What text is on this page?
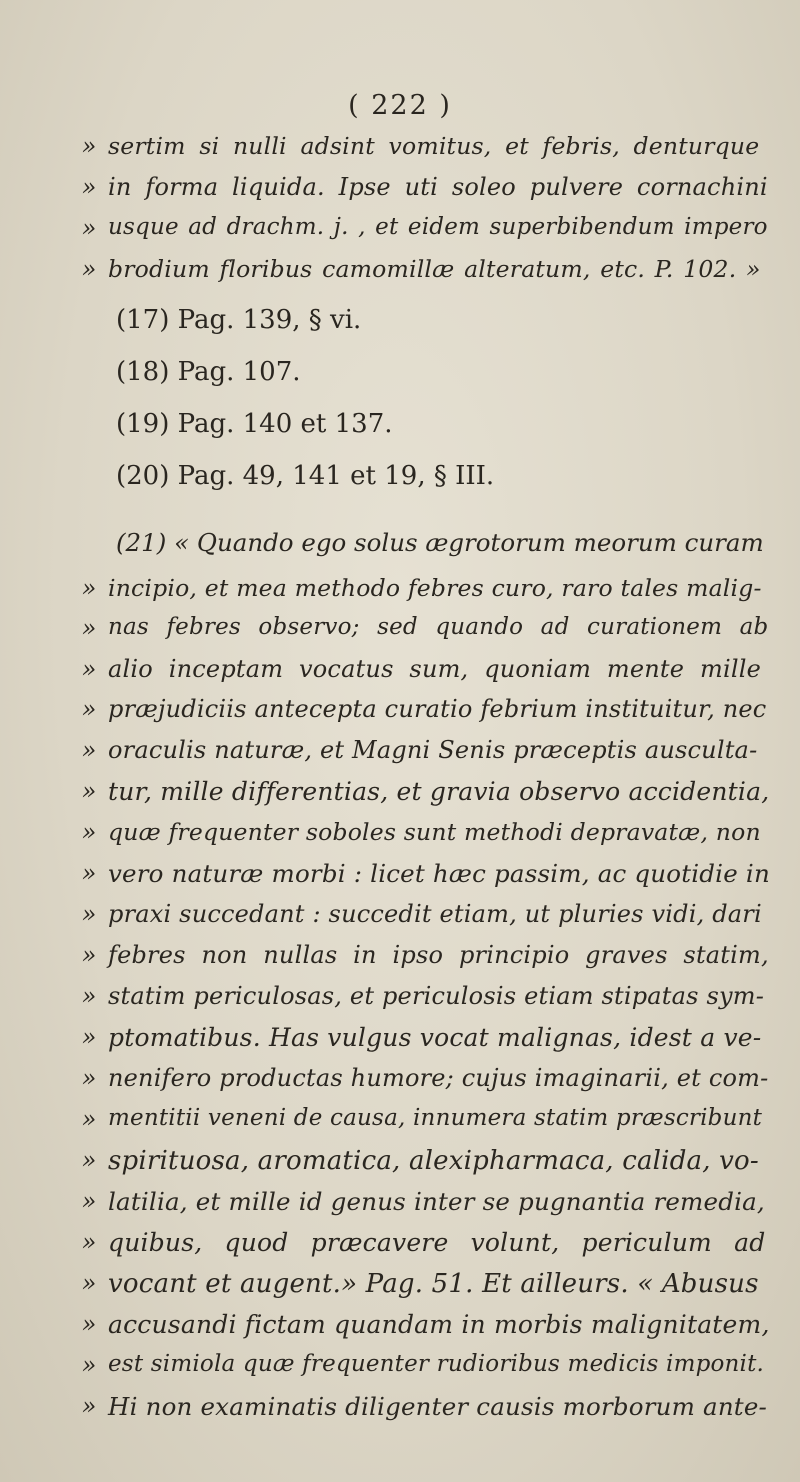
( 222 )
» sertim si nulli adsint vomitus, et febris, denturque
» in forma liquida. Ipse uti soleo pulvere cornachini
» usque ad drachm. j. , et eidem superbibendum impero
» brodium floribus camomillæ alteratum, etc. P. 102. »
(17) Pag. 139, § vi.
(18) Pag. 107.
(19) Pag. 140 et 137.
(20) Pag. 49, 141 et 19, § III.
(21) « Quando ego solus ægrotorum meorum curam
» incipio, et mea methodo febres curo, raro tales malig-
» nas febres observo; sed quando ad curationem ab
» alio inceptam vocatus sum, quoniam mente mille
» præjudiciis antecepta curatio febrium instituitur, nec
» oraculis naturæ, et Magni Senis præceptis ausculta-
» tur, mille differentias, et gravia observo accidentia,
» quæ frequenter soboles sunt methodi depravatæ, non
» vero naturæ morbi : licet hæc passim, ac quotidie in
» praxi succedant : succedit etiam, ut pluries vidi, dari
» febres non nullas in ipso principio graves statim,
» statim periculosas, et periculosis etiam stipatas sym-
» ptomatibus. Has vulgus vocat malignas, idest a ve-
» nenifero productas humore; cujus imaginarii, et com-
» mentitii veneni de causa, innumera statim præscribunt
» spirituosa, aromatica, alexipharmaca, calida, vo-
» latilia, et mille id genus inter se pugnantia remedia,
» quibus, quod præcavere volunt, periculum ad
» vocant et augent.» Pag. 51. Et ailleurs. « Abusus
» accusandi fictam quandam in morbis malignitatem,
» est simiola quæ frequenter rudioribus medicis imponit.
» Hi non examinatis diligenter causis morborum ante-
